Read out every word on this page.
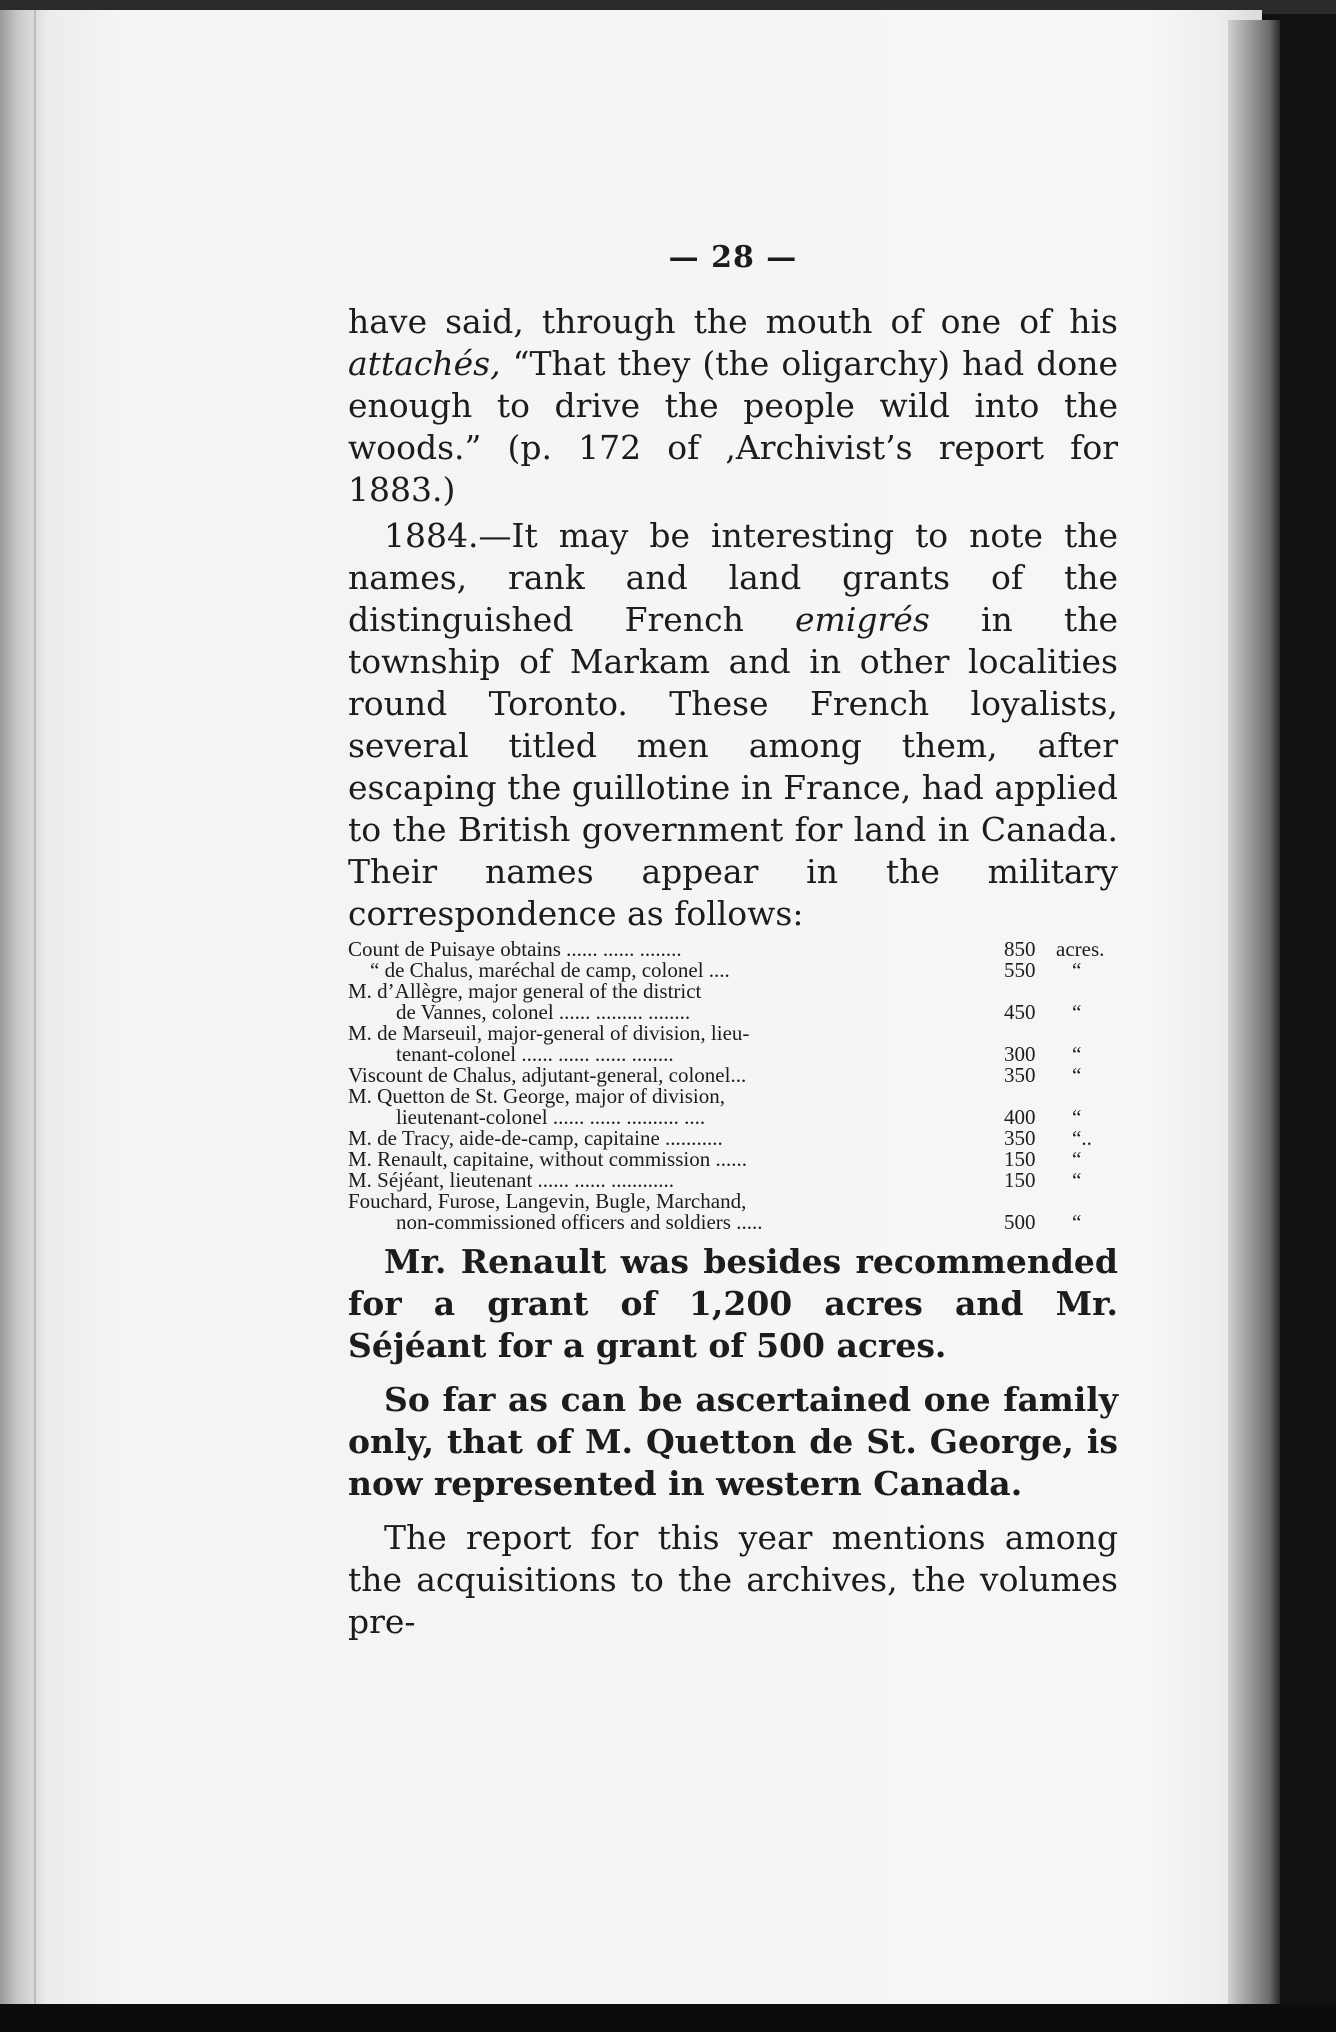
— 28 —

have said, through the mouth of one of his attachés, “That they (the oligarchy) had done enough to drive the people wild into the woods.” (p. 172 of ,Archivist’s report for 1883.)

1884.—It may be interesting to note the names, rank and land grants of the distinguished French emigrés in the township of Markam and in other localities round Toronto. These French loyalists, several titled men among them, after escaping the guillotine in France, had applied to the British government for land in Canada. Their names appear in the military correspondence as follows:

Count de Puisaye obtains ...... ...... ........	850 acres.
“ de Chalus, maréchal de camp, colonel ....	550	“
M. d’Allègre, major general of the district
de Vannes, colonel ...... ......... ........	450	“
M. de Marseuil, major-general of division, lieu-
tenant-colonel ...... ...... ...... ........	300	“
Viscount de Chalus, adjutant-general, colonel...	350	“
M. Quetton de St. George, major of division,
lieutenant-colonel ...... ...... .......... ....	400	“
M. de Tracy, aide-de-camp, capitaine ...........	350	“..
M. Renault, capitaine, without commission ......	150	“
M. Séjéant, lieutenant ...... ...... ............	150	“
Fouchard, Furose, Langevin, Bugle, Marchand,
non-commissioned officers and soldiers .....	500	“

Mr. Renault was besides recommended for a grant of 1,200 acres and Mr. Séjéant for a grant of 500 acres.

So far as can be ascertained one family only, that of M. Quetton de St. George, is now represented in western Canada.

The report for this year mentions among the acquisitions to the archives, the volumes pre-
